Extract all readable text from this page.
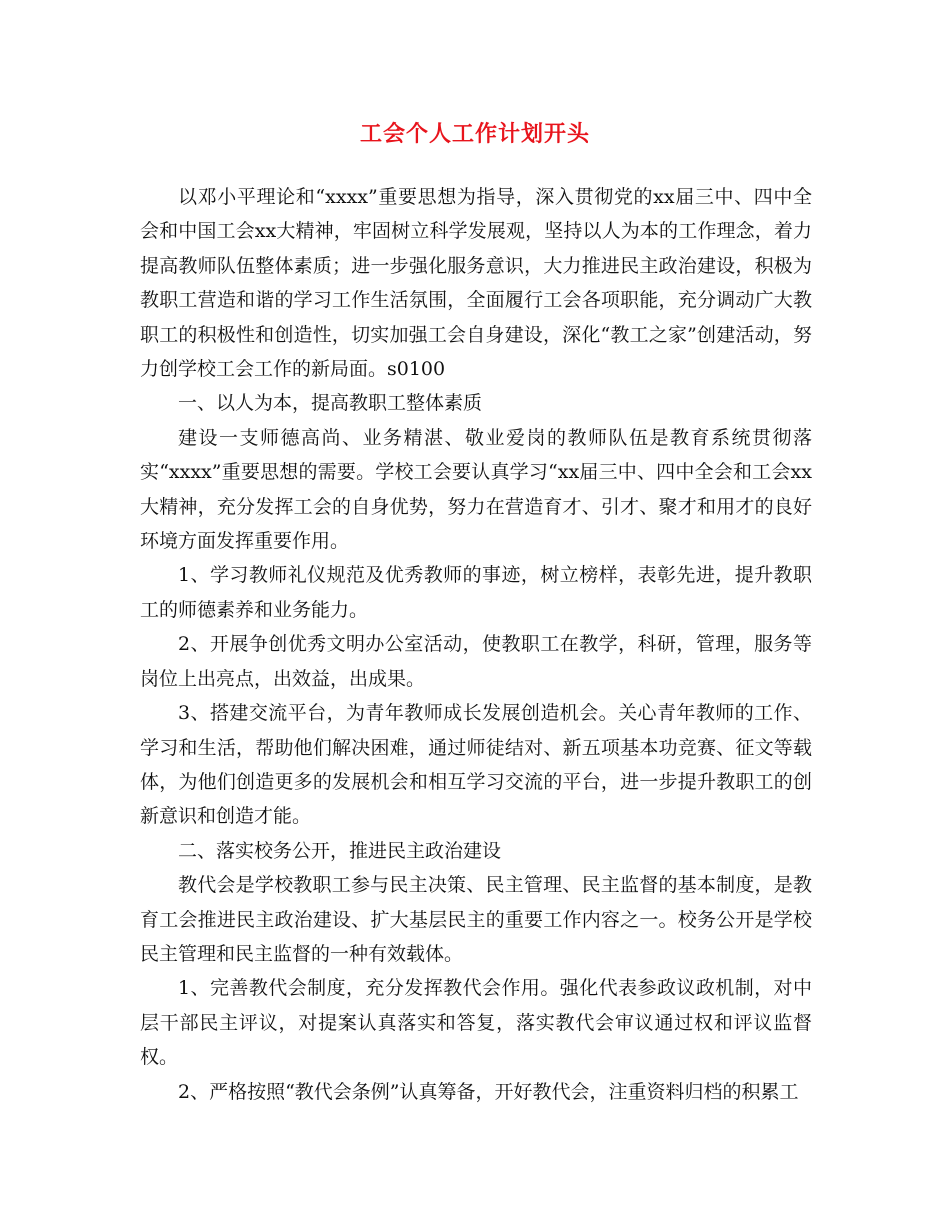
工会个人工作计划开头

以邓小平理论和“xxxx”重要思想为指导，深入贯彻党的xx届三中、四中全会和中国工会xx大精神，牢固树立科学发展观，坚持以人为本的工作理念，着力提高教师队伍整体素质；进一步强化服务意识，大力推进民主政治建设，积极为教职工营造和谐的学习工作生活氛围，全面履行工会各项职能，充分调动广大教职工的积极性和创造性，切实加强工会自身建设，深化“教工之家”创建活动，努力创学校工会工作的新局面。s0100

一、以人为本，提高教职工整体素质

建设一支师德高尚、业务精湛、敬业爱岗的教师队伍是教育系统贯彻落实“xxxx”重要思想的需要。学校工会要认真学习“xx届三中、四中全会和工会xx大精神，充分发挥工会的自身优势，努力在营造育才、引才、聚才和用才的良好环境方面发挥重要作用。

1、学习教师礼仪规范及优秀教师的事迹，树立榜样，表彰先进，提升教职工的师德素养和业务能力。

2、开展争创优秀文明办公室活动，使教职工在教学，科研，管理，服务等岗位上出亮点，出效益，出成果。

3、搭建交流平台，为青年教师成长发展创造机会。关心青年教师的工作、学习和生活，帮助他们解决困难，通过师徒结对、新五项基本功竞赛、征文等载体，为他们创造更多的发展机会和相互学习交流的平台，进一步提升教职工的创新意识和创造才能。

二、落实校务公开，推进民主政治建设

教代会是学校教职工参与民主决策、民主管理、民主监督的基本制度，是教育工会推进民主政治建设、扩大基层民主的重要工作内容之一。校务公开是学校民主管理和民主监督的一种有效载体。

1、完善教代会制度，充分发挥教代会作用。强化代表参政议政机制，对中层干部民主评议，对提案认真落实和答复，落实教代会审议通过权和评议监督权。

2、严格按照“教代会条例”认真筹备，开好教代会，注重资料归档的积累工
